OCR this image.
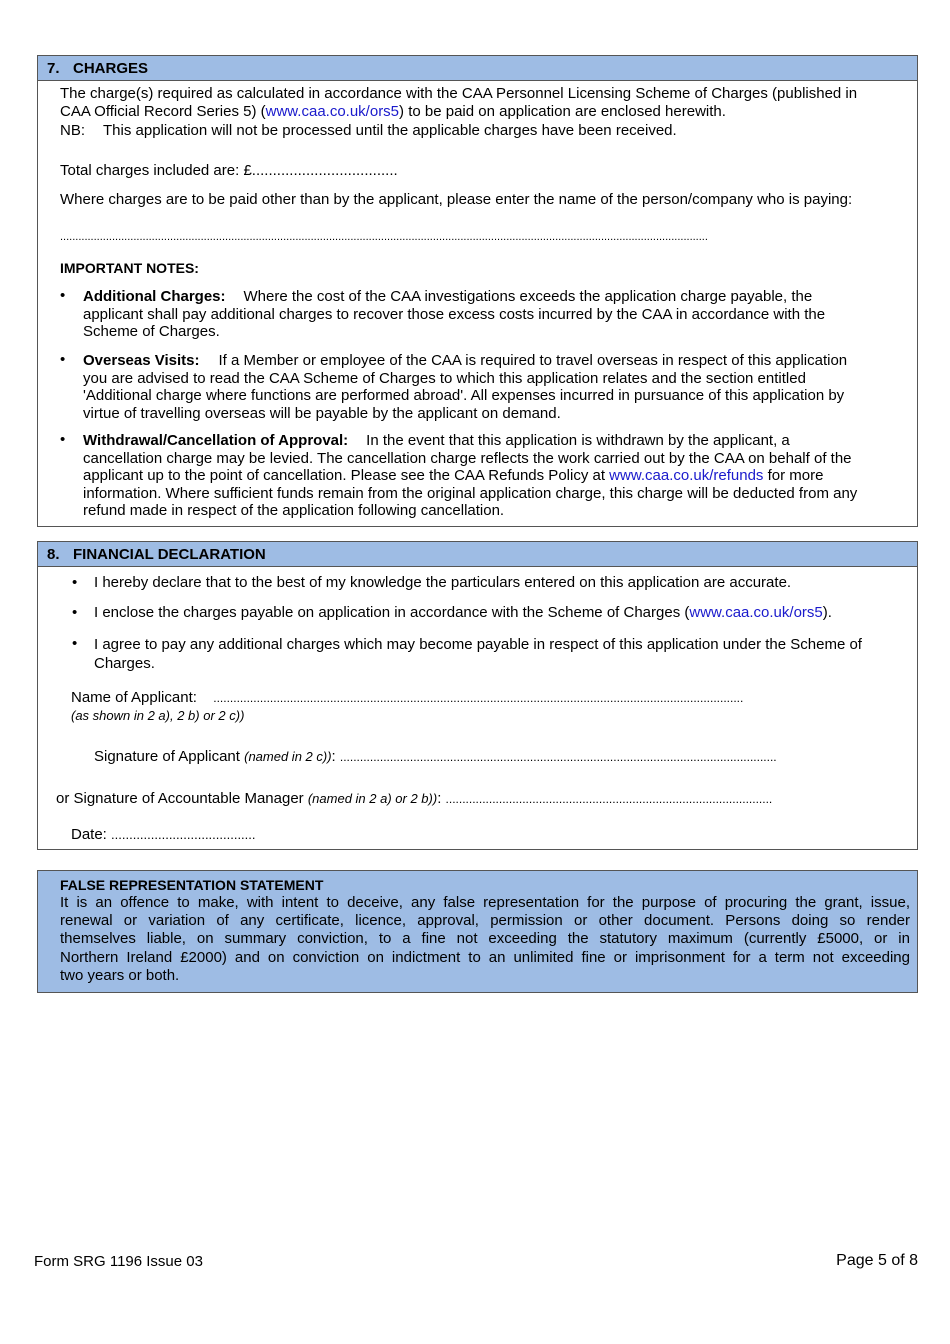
7. CHARGES
The charge(s) required as calculated in accordance with the CAA Personnel Licensing Scheme of Charges (published in
CAA Official Record Series 5) (www.caa.co.uk/ors5) to be paid on application are enclosed herewith.
NB: This application will not be processed until the applicable charges have been received.
Total charges included are: £...................................
Where charges are to be paid other than by the applicant, please enter the name of the person/company who is paying:
....................................................................................................................................................................................................................
IMPORTANT NOTES:
• Additional Charges: Where the cost of the CAA investigations exceeds the application charge payable, the
applicant shall pay additional charges to recover those excess costs incurred by the CAA in accordance with the
Scheme of Charges.
• Overseas Visits: If a Member or employee of the CAA is required to travel overseas in respect of this application
you are advised to read the CAA Scheme of Charges to which this application relates and the section entitled
'Additional charge where functions are performed abroad'. All expenses incurred in pursuance of this application by
virtue of travelling overseas will be payable by the applicant on demand.
• Withdrawal/Cancellation of Approval: In the event that this application is withdrawn by the applicant, a
cancellation charge may be levied. The cancellation charge reflects the work carried out by the CAA on behalf of the
applicant up to the point of cancellation. Please see the CAA Refunds Policy at www.caa.co.uk/refunds for more
information. Where sufficient funds remain from the original application charge, this charge will be deducted from any
refund made in respect of the application following cancellation.
8. FINANCIAL DECLARATION
• I hereby declare that to the best of my knowledge the particulars entered on this application are accurate.
• I enclose the charges payable on application in accordance with the Scheme of Charges (www.caa.co.uk/ors5).
• I agree to pay any additional charges which may become payable in respect of this application under the Scheme of
Charges.
Name of Applicant: ...............................................................................................................................................................
(as shown in 2 a), 2 b) or 2 c))
Signature of Applicant (named in 2 c)): ...................................................................................................................................
or Signature of Accountable Manager (named in 2 a) or 2 b)): ..................................................................................................
Date: ........................................
FALSE REPRESENTATION STATEMENT
It is an offence to make, with intent to deceive, any false representation for the purpose of procuring the grant, issue,
renewal or variation of any certificate, licence, approval, permission or other document. Persons doing so render
themselves liable, on summary conviction, to a fine not exceeding the statutory maximum (currently £5000, or in
Northern Ireland £2000) and on conviction on indictment to an unlimited fine or imprisonment for a term not exceeding
two years or both.
Form SRG 1196 Issue 03	Page 5 of 8
